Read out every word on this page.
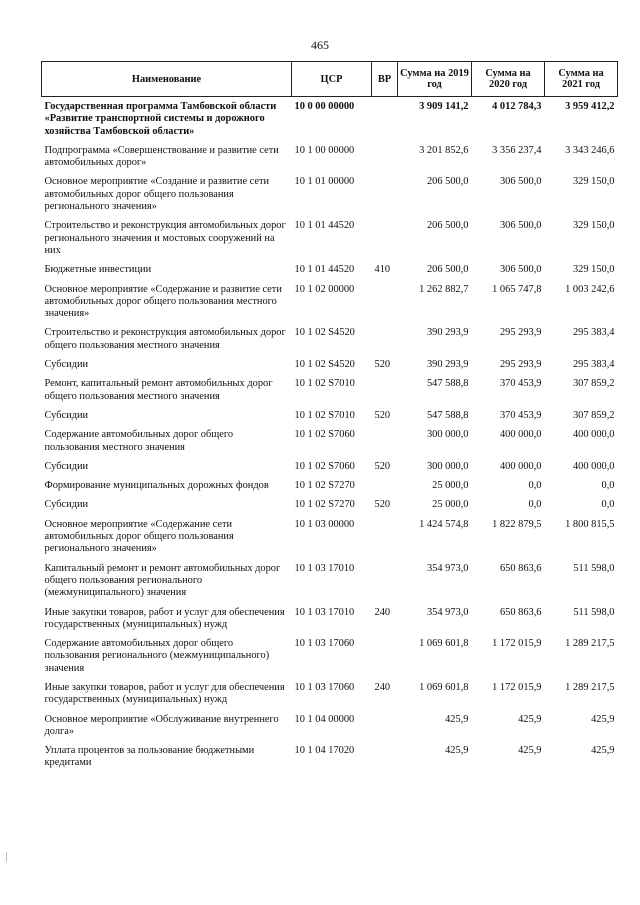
465
Наименование	ЦСР	ВР	Сумма на 2019 год	Сумма на 2020 год	Сумма на 2021 год

Государственная программа Тамбовской области «Развитие транспортной системы и дорожного хозяйства Тамбовской области»	10 0 00 00000		3 909 141,2	4 012 784,3	3 959 412,2
Подпрограмма «Совершенствование и развитие сети автомобильных дорог»	10 1 00 00000		3 201 852,6	3 356 237,4	3 343 246,6
Основное мероприятие «Создание и развитие сети автомобильных дорог общего пользования регионального значения»	10 1 01 00000		206 500,0	306 500,0	329 150,0
Строительство и реконструкция автомобильных дорог регионального значения и мостовых сооружений на них	10 1 01 44520		206 500,0	306 500,0	329 150,0
Бюджетные инвестиции	10 1 01 44520	410	206 500,0	306 500,0	329 150,0
Основное мероприятие «Содержание и развитие сети автомобильных дорог общего пользования местного значения»	10 1 02 00000		1 262 882,7	1 065 747,8	1 003 242,6
Строительство и реконструкция автомобильных дорог общего пользования местного значения	10 1 02 S4520		390 293,9	295 293,9	295 383,4
Субсидии	10 1 02 S4520	520	390 293,9	295 293,9	295 383,4
Ремонт, капитальный ремонт автомобильных дорог общего пользования местного значения	10 1 02 S7010		547 588,8	370 453,9	307 859,2
Субсидии	10 1 02 S7010	520	547 588,8	370 453,9	307 859,2
Содержание автомобильных дорог общего пользования местного значения	10 1 02 S7060		300 000,0	400 000,0	400 000,0
Субсидии	10 1 02 S7060	520	300 000,0	400 000,0	400 000,0
Формирование муниципальных дорожных фондов	10 1 02 S7270		25 000,0	0,0	0,0
Субсидии	10 1 02 S7270	520	25 000,0	0,0	0,0
Основное мероприятие «Содержание сети автомобильных дорог общего пользования регионального значения»	10 1 03 00000		1 424 574,8	1 822 879,5	1 800 815,5
Капитальный ремонт и ремонт автомобильных дорог общего пользования регионального (межмуниципального) значения	10 1 03 17010		354 973,0	650 863,6	511 598,0
Иные закупки товаров, работ и услуг для обеспечения государственных (муниципальных) нужд	10 1 03 17010	240	354 973,0	650 863,6	511 598,0
Содержание автомобильных дорог общего пользования регионального (межмуниципального) значения	10 1 03 17060		1 069 601,8	1 172 015,9	1 289 217,5
Иные закупки товаров, работ и услуг для обеспечения государственных (муниципальных) нужд	10 1 03 17060	240	1 069 601,8	1 172 015,9	1 289 217,5
Основное мероприятие «Обслуживание внутреннего долга»	10 1 04 00000		425,9	425,9	425,9
Уплата процентов за пользование бюджетными кредитами	10 1 04 17020		425,9	425,9	425,9
